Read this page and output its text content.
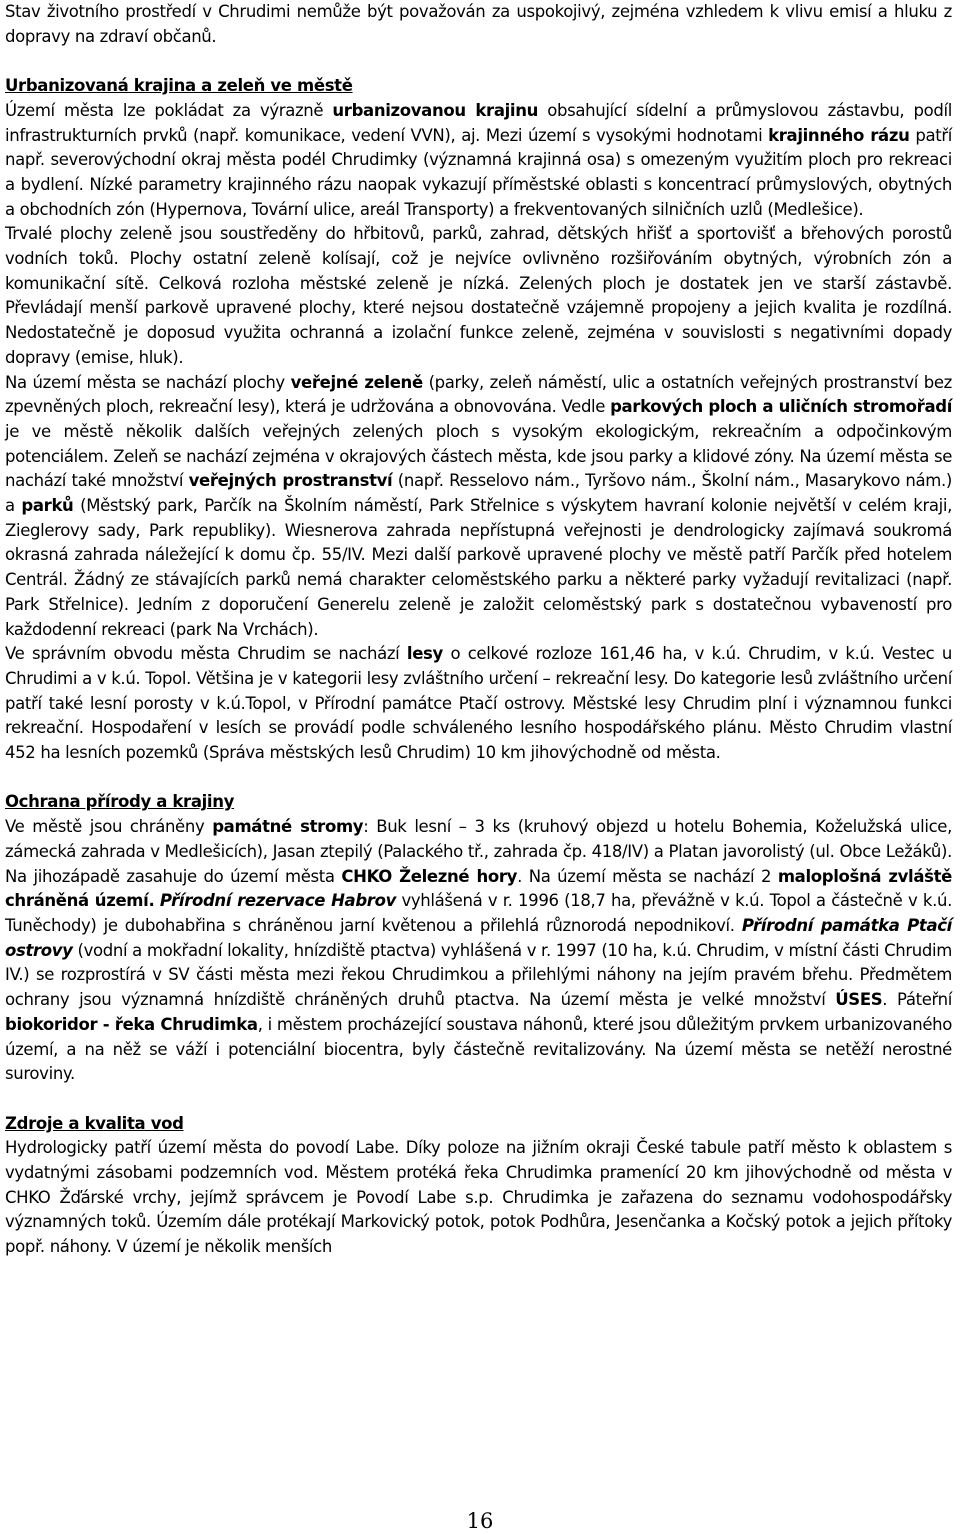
Stav životního prostředí v Chrudimi nemůže být považován za uspokojivý, zejména vzhledem k vlivu emisí a hluku z dopravy na zdraví občanů.

Urbanizovaná krajina a zeleň ve městě

Území města lze pokládat za výrazně urbanizovanou krajinu obsahující sídelní a průmyslovou zástavbu, podíl infrastrukturních prvků (např. komunikace, vedení VVN), aj. Mezi území s vysokými hodnotami krajinného rázu patří např. severovýchodní okraj města podél Chrudimky (významná krajinná osa) s omezeným využitím ploch pro rekreaci a bydlení. Nízké parametry krajinného rázu naopak vykazují příměstské oblasti s koncentrací průmyslových, obytných a obchodních zón (Hypernova, Tovární ulice, areál Transporty) a frekventovaných silničních uzlů (Medlešice).

Trvalé plochy zeleně jsou soustředěny do hřbitovů, parků, zahrad, dětských hřišť a sportovišť a břehových porostů vodních toků. Plochy ostatní zeleně kolísají, což je nejvíce ovlivněno rozšiřováním obytných, výrobních zón a komunikační sítě. Celková rozloha městské zeleně je nízká. Zelených ploch je dostatek jen ve starší zástavbě. Převládají menší parkově upravené plochy, které nejsou dostatečně vzájemně propojeny a jejich kvalita je rozdílná. Nedostatečně je doposud využita ochranná a izolační funkce zeleně, zejména v souvislosti s negativními dopady dopravy (emise, hluk).

Na území města se nachází plochy veřejné zeleně (parky, zeleň náměstí, ulic a ostatních veřejných prostranství bez zpevněných ploch, rekreační lesy), která je udržována a obnovována. Vedle parkových ploch a uličních stromořadí je ve městě několik dalších veřejných zelených ploch s vysokým ekologickým, rekreačním a odpočinkovým potenciálem. Zeleň se nachází zejména v okrajových částech města, kde jsou parky a klidové zóny. Na území města se nachází také množství veřejných prostranství (např. Resselovo nám., Tyršovo nám., Školní nám., Masarykovo nám.) a parků (Městský park, Parčík na Školním náměstí, Park Střelnice s výskytem havraní kolonie největší v celém kraji, Zieglerovy sady, Park republiky). Wiesnerova zahrada nepřístupná veřejnosti je dendrologicky zajímavá soukromá okrasná zahrada náležející k domu čp. 55/IV. Mezi další parkově upravené plochy ve městě patří Parčík před hotelem Centrál. Žádný ze stávajících parků nemá charakter celoměstského parku a některé parky vyžadují revitalizaci (např. Park Střelnice). Jedním z doporučení Generelu zeleně je založit celoměstský park s dostatečnou vybaveností pro každodenní rekreaci (park Na Vrchách).

Ve správním obvodu města Chrudim se nachází lesy o celkové rozloze 161,46 ha, v k.ú. Chrudim, v k.ú. Vestec u Chrudimi a v k.ú. Topol. Většina je v kategorii lesy zvláštního určení – rekreační lesy. Do kategorie lesů zvláštního určení patří také lesní porosty v k.ú.Topol, v Přírodní památce Ptačí ostrovy. Městské lesy Chrudim plní i významnou funkci rekreační. Hospodaření v lesích se provádí podle schváleného lesního hospodářského plánu. Město Chrudim vlastní 452 ha lesních pozemků (Správa městských lesů Chrudim) 10 km jihovýchodně od města.

Ochrana přírody a krajiny

Ve městě jsou chráněny památné stromy: Buk lesní – 3 ks (kruhový objezd u hotelu Bohemia, Koželužská ulice, zámecká zahrada v Medlešicích), Jasan ztepilý (Palackého tř., zahrada čp. 418/IV) a Platan javorolistý (ul. Obce Ležáků). Na jihozápadě zasahuje do území města CHKO Železné hory. Na území města se nachází 2 maloplošná zvláště chráněná území. Přírodní rezervace Habrov vyhlášená v r. 1996 (18,7 ha, převážně v k.ú. Topol a částečně v k.ú. Tuněchody) je dubohabřina s chráněnou jarní květenou a přilehlá různorodá nepodnikoví. Přírodní památka Ptačí ostrovy (vodní a mokřadní lokality, hnízdiště ptactva) vyhlášená v r. 1997 (10 ha, k.ú. Chrudim, v místní části Chrudim IV.) se rozprostírá v SV části města mezi řekou Chrudimkou a přilehlými náhony na jejím pravém břehu. Předmětem ochrany jsou významná hnízdiště chráněných druhů ptactva. Na území města je velké množství ÚSES. Páteřní biokoridor - řeka Chrudimka, i městem procházející soustava náhonů, které jsou důležitým prvkem urbanizovaného území, a na něž se váží i potenciální biocentra, byly částečně revitalizovány. Na území města se netěží nerostné suroviny.

Zdroje a kvalita vod

Hydrologicky patří území města do povodí Labe. Díky poloze na jižním okraji České tabule patří město k oblastem s vydatnými zásobami podzemních vod. Městem protéká řeka Chrudimka pramenící 20 km jihovýchodně od města v CHKO Žďárské vrchy, jejímž správcem je Povodí Labe s.p. Chrudimka je zařazena do seznamu vodohospodářsky významných toků. Územím dále protékají Markovický potok, potok Podhůra, Jesenčanka a Kočský potok a jejich přítoky popř. náhony. V území je několik menších

16
